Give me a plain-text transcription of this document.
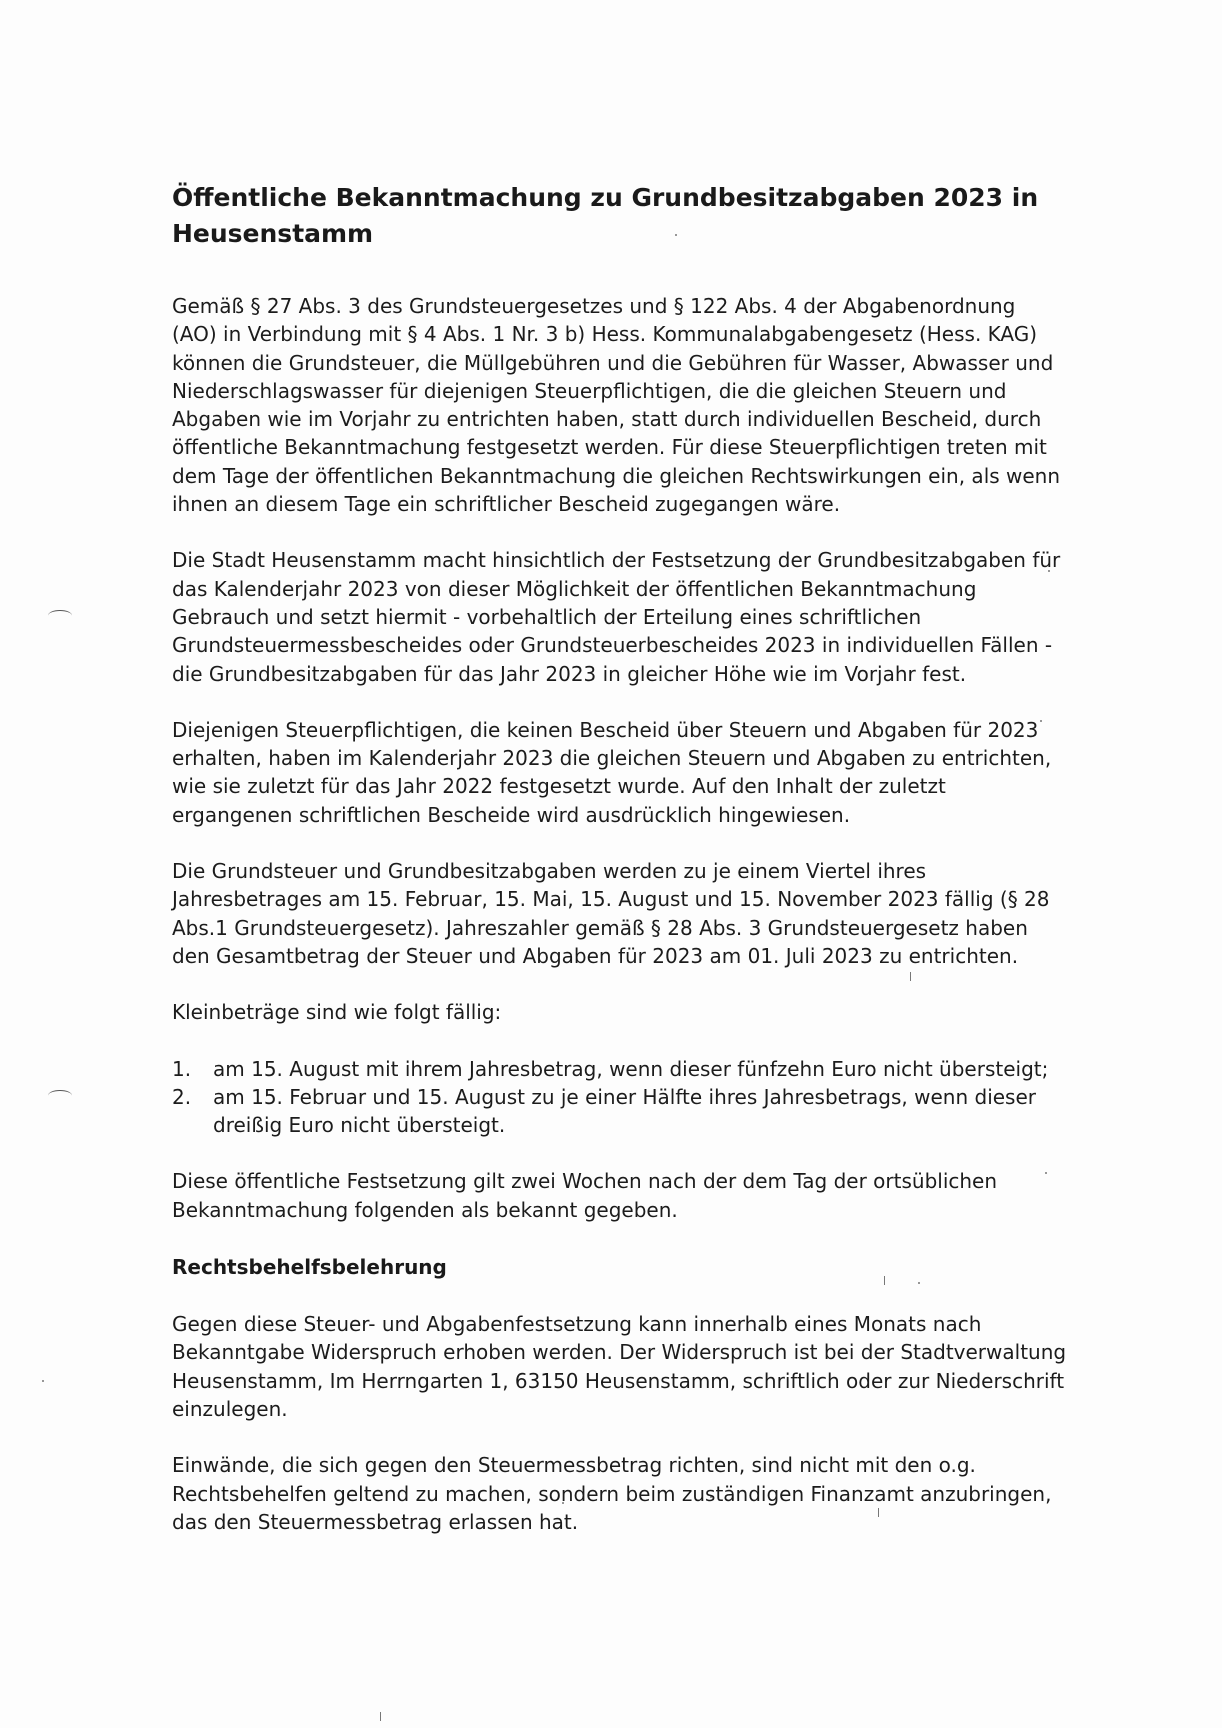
Öffentliche Bekanntmachung zu Grundbesitzabgaben 2023 in Heusenstamm

Gemäß § 27 Abs. 3 des Grundsteuergesetzes und § 122 Abs. 4 der Abgabenordnung
(AO) in Verbindung mit § 4 Abs. 1 Nr. 3 b) Hess. Kommunalabgabengesetz (Hess. KAG)
können die Grundsteuer, die Müllgebühren und die Gebühren für Wasser, Abwasser und
Niederschlagswasser für diejenigen Steuerpflichtigen, die die gleichen Steuern und
Abgaben wie im Vorjahr zu entrichten haben, statt durch individuellen Bescheid, durch
öffentliche Bekanntmachung festgesetzt werden. Für diese Steuerpflichtigen treten mit
dem Tage der öffentlichen Bekanntmachung die gleichen Rechtswirkungen ein, als wenn
ihnen an diesem Tage ein schriftlicher Bescheid zugegangen wäre.

Die Stadt Heusenstamm macht hinsichtlich der Festsetzung der Grundbesitzabgaben für
das Kalenderjahr 2023 von dieser Möglichkeit der öffentlichen Bekanntmachung
Gebrauch und setzt hiermit - vorbehaltlich der Erteilung eines schriftlichen
Grundsteuermessbescheides oder Grundsteuerbescheides 2023 in individuellen Fällen -
die Grundbesitzabgaben für das Jahr 2023 in gleicher Höhe wie im Vorjahr fest.

Diejenigen Steuerpflichtigen, die keinen Bescheid über Steuern und Abgaben für 2023
erhalten, haben im Kalenderjahr 2023 die gleichen Steuern und Abgaben zu entrichten,
wie sie zuletzt für das Jahr 2022 festgesetzt wurde. Auf den Inhalt der zuletzt
ergangenen schriftlichen Bescheide wird ausdrücklich hingewiesen.

Die Grundsteuer und Grundbesitzabgaben werden zu je einem Viertel ihres
Jahresbetrages am 15. Februar, 15. Mai, 15. August und 15. November 2023 fällig (§ 28
Abs.1 Grundsteuergesetz). Jahreszahler gemäß § 28 Abs. 3 Grundsteuergesetz haben
den Gesamtbetrag der Steuer und Abgaben für 2023 am 01. Juli 2023 zu entrichten.

Kleinbeträge sind wie folgt fällig:

1. am 15. August mit ihrem Jahresbetrag, wenn dieser fünfzehn Euro nicht übersteigt;
2. am 15. Februar und 15. August zu je einer Hälfte ihres Jahresbetrags, wenn dieser
dreißig Euro nicht übersteigt.

Diese öffentliche Festsetzung gilt zwei Wochen nach der dem Tag der ortsüblichen
Bekanntmachung folgenden als bekannt gegeben.

Rechtsbehelfsbelehrung

Gegen diese Steuer- und Abgabenfestsetzung kann innerhalb eines Monats nach
Bekanntgabe Widerspruch erhoben werden. Der Widerspruch ist bei der Stadtverwaltung
Heusenstamm, Im Herrngarten 1, 63150 Heusenstamm, schriftlich oder zur Niederschrift
einzulegen.

Einwände, die sich gegen den Steuermessbetrag richten, sind nicht mit den o.g.
Rechtsbehelfen geltend zu machen, sondern beim zuständigen Finanzamt anzubringen,
das den Steuermessbetrag erlassen hat.
